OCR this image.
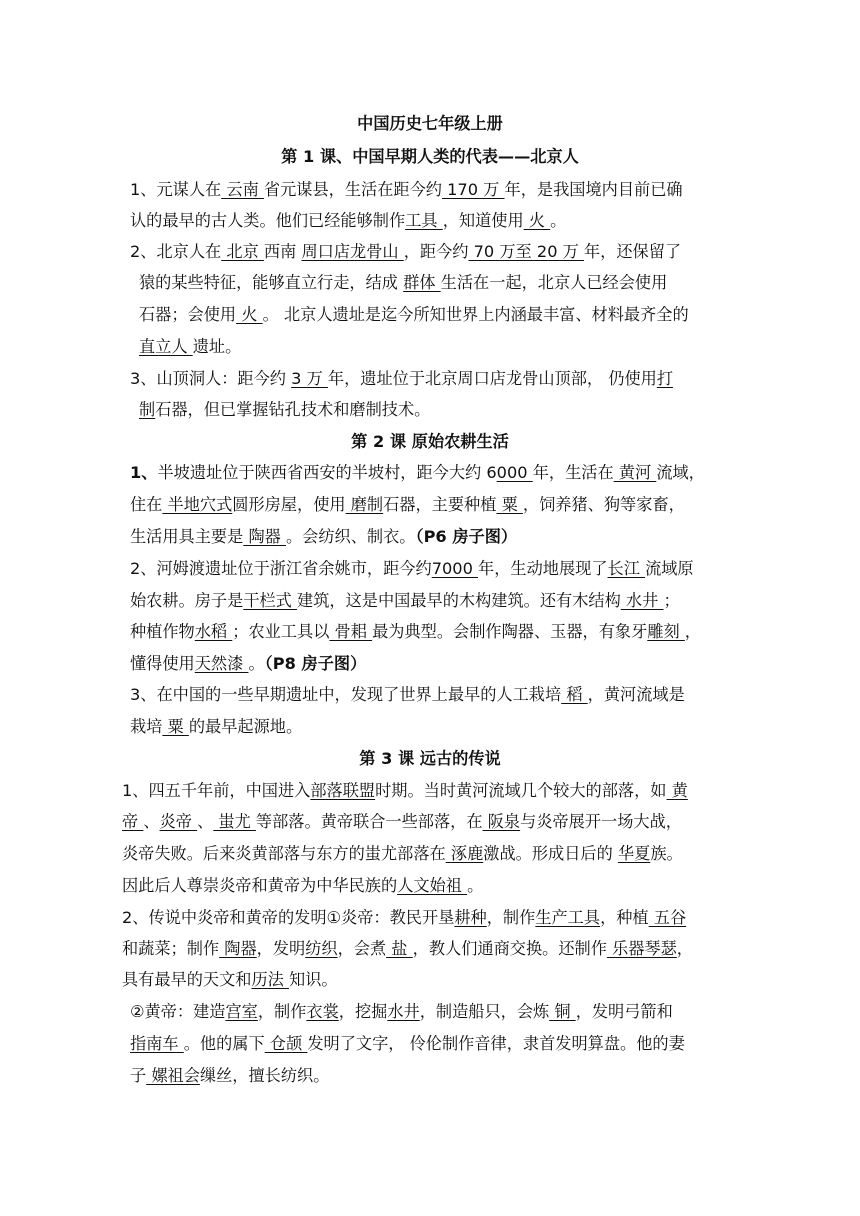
中国历史七年级上册
第 1 课、中国早期人类的代表——北京人
1、元谋人在 云南 省元谋县，生活在距今约 170 万 年，是我国境内目前已确
认的最早的古人类。他们已经能够制作工具 ，知道使用 火 。
2、北京人在 北京 西南 周口店龙骨山 ，距今约 70 万至 20 万 年，还保留了
猿的某些特征，能够直立行走，结成 群体 生活在一起，北京人已经会使用
石器；会使用 火 。 北京人遗址是迄今所知世界上内涵最丰富、材料最齐全的
直立人 遗址。
3、山顶洞人：距今约 3 万 年，遗址位于北京周口店龙骨山顶部， 仍使用打
制石器，但已掌握钻孔技术和磨制技术。
第 2 课 原始农耕生活
1、半坡遗址位于陕西省西安的半坡村，距今大约 6000 年，生活在 黄河 流域，
住在 半地穴式圆形房屋，使用 磨制石器，主要种植 粟 ，饲养猪、狗等家畜，
生活用具主要是 陶器 。会纺织、制衣。（P6 房子图）
2、河姆渡遗址位于浙江省余姚市，距今约7000 年，生动地展现了长江 流域原
始农耕。房子是干栏式 建筑，这是中国最早的木构建筑。还有木结构 水井 ；
种植作物水稻 ；农业工具以 骨耜 最为典型。会制作陶器、玉器，有象牙雕刻 ，
懂得使用天然漆 。（P8 房子图）
3、在中国的一些早期遗址中，发现了世界上最早的人工栽培 稻 ，黄河流域是
栽培 粟 的最早起源地。
第 3 课 远古的传说
1、四五千年前，中国进入部落联盟时期。当时黄河流域几个较大的部落，如 黄
帝 、炎帝 、 蚩尤 等部落。黄帝联合一些部落，在 阪泉与炎帝展开一场大战，
炎帝失败。后来炎黄部落与东方的蚩尤部落在 涿鹿激战。形成日后的 华夏族。
因此后人尊崇炎帝和黄帝为中华民族的人文始祖 。
2、传说中炎帝和黄帝的发明①炎帝：教民开垦耕种，制作生产工具，种植 五谷
和蔬菜；制作 陶器，发明纺织，会煮 盐 ，教人们通商交换。还制作 乐器琴瑟，
具有最早的天文和历法 知识。
②黄帝：建造宫室，制作衣裳，挖掘水井，制造船只，会炼 铜 ，发明弓箭和
指南车 。他的属下 仓颉 发明了文字， 伶伦制作音律，隶首发明算盘。他的妻
子 嫘祖会缫丝，擅长纺织。
